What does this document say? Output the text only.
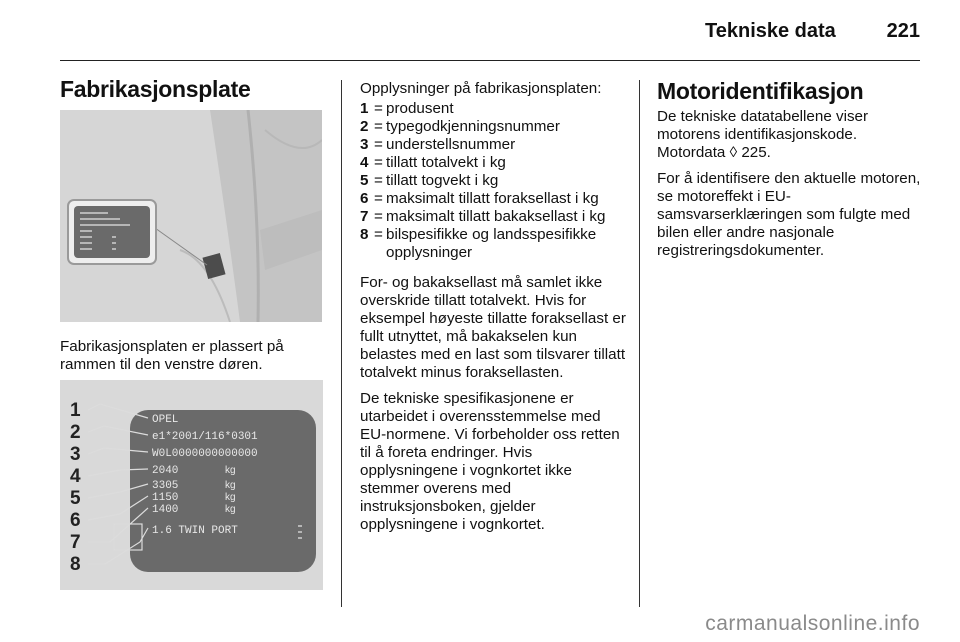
Tekniske data	221
Fabrikasjonsplate
Fabrikasjonsplaten er plassert på rammen til den venstre døren.
1
2
3
4
5
6
7
8
OPEL
e1*2001/116*0301
W0L0000000000000
2040
3305
1150
1400
1.6 TWIN PORT
kg
kg
kg
kg
Opplysninger på fabrikasjonsplaten:
1 = produsent
2 = typegodkjenningsnummer
3 = understellsnummer
4 = tillatt totalvekt i kg
5 = tillatt togvekt i kg
6 = maksimalt tillatt foraksellast i kg
7 = maksimalt tillatt bakaksellast i kg
8 = bilspesifikke og landsspesifikke opplysninger

For- og bakaksellast må samlet ikke overskride tillatt totalvekt. Hvis for eksempel høyeste tillatte foraksellast er fullt utnyttet, må bakakselen kun belastes med en last som tilsvarer tillatt totalvekt minus foraksellasten.

De tekniske spesifikasjonene er utarbeidet i overensstemmelse med EU-normene. Vi forbeholder oss retten til å foreta endringer. Hvis opplysningene i vognkortet ikke stemmer overens med instruksjonsboken, gjelder opplysningene i vognkortet.

Motoridentifikasjon

De tekniske datatabellene viser motorens identifikasjonskode. Motordata ◊ 225.

For å identifisere den aktuelle motoren, se motoreffekt i EU-samsvarserklæringen som fulgte med bilen eller andre nasjonale registreringsdokumenter.

carmanualsonline.info
